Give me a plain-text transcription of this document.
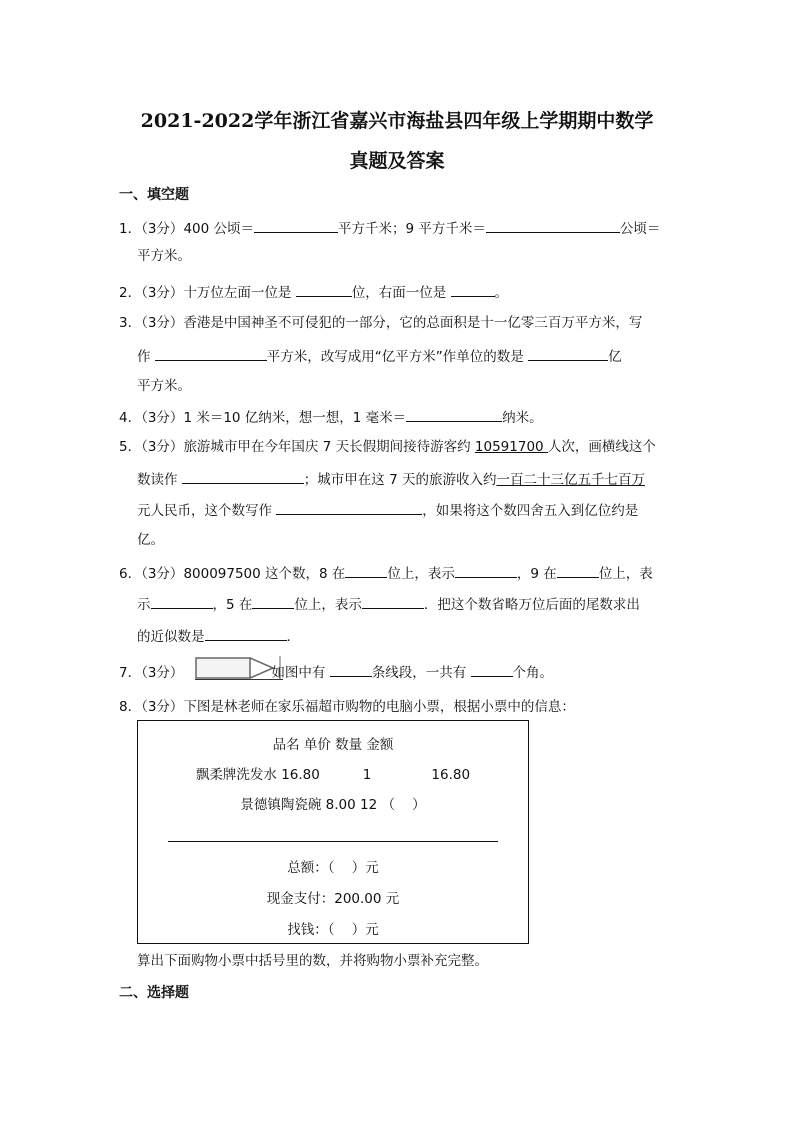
2021-2022学年浙江省嘉兴市海盐县四年级上学期期中数学
真题及答案
一、填空题
1．（3分）400 公顷＝	平方千米；9 平方千米＝	公顷＝
平方米。
2．（3分）十万位左面一位是	位，右面一位是	。
3．（3分）香港是中国神圣不可侵犯的一部分，它的总面积是十一亿零三百万平方米，写
作	平方米，改写成用“亿平方米”作单位的数是	亿
平方米。
4．（3分）1 米＝10 亿纳米，想一想，1 毫米＝	纳米。
5．（3分）旅游城市甲在今年国庆 7 天长假期间接待游客约 10591700 人次，画横线这个
数读作	；城市甲在这 7 天的旅游收入约一百二十三亿五千七百万
元人民币，这个数写作	，如果将这个数四舍五入到亿位约是
亿。
6．（3分）800097500 这个数，8 在	位上，表示	，9 在	位上，表
示	，5 在	位上，表示	．把这个数省略万位后面的尾数求出
的近似数是	．
7．（3分）	如图中有	条线段，一共有	个角。
8．（3分）下图是林老师在家乐福超市购物的电脑小票，根据小票中的信息：
品名 单价 数量 金额
飘柔牌洗发水 16.80          1              16.80
景德镇陶瓷碗 8.00 12 （    ）
总额：（    ）元
现金支付：200.00 元
找钱：（    ）元
算出下面购物小票中括号里的数，并将购物小票补充完整。
二、选择题
